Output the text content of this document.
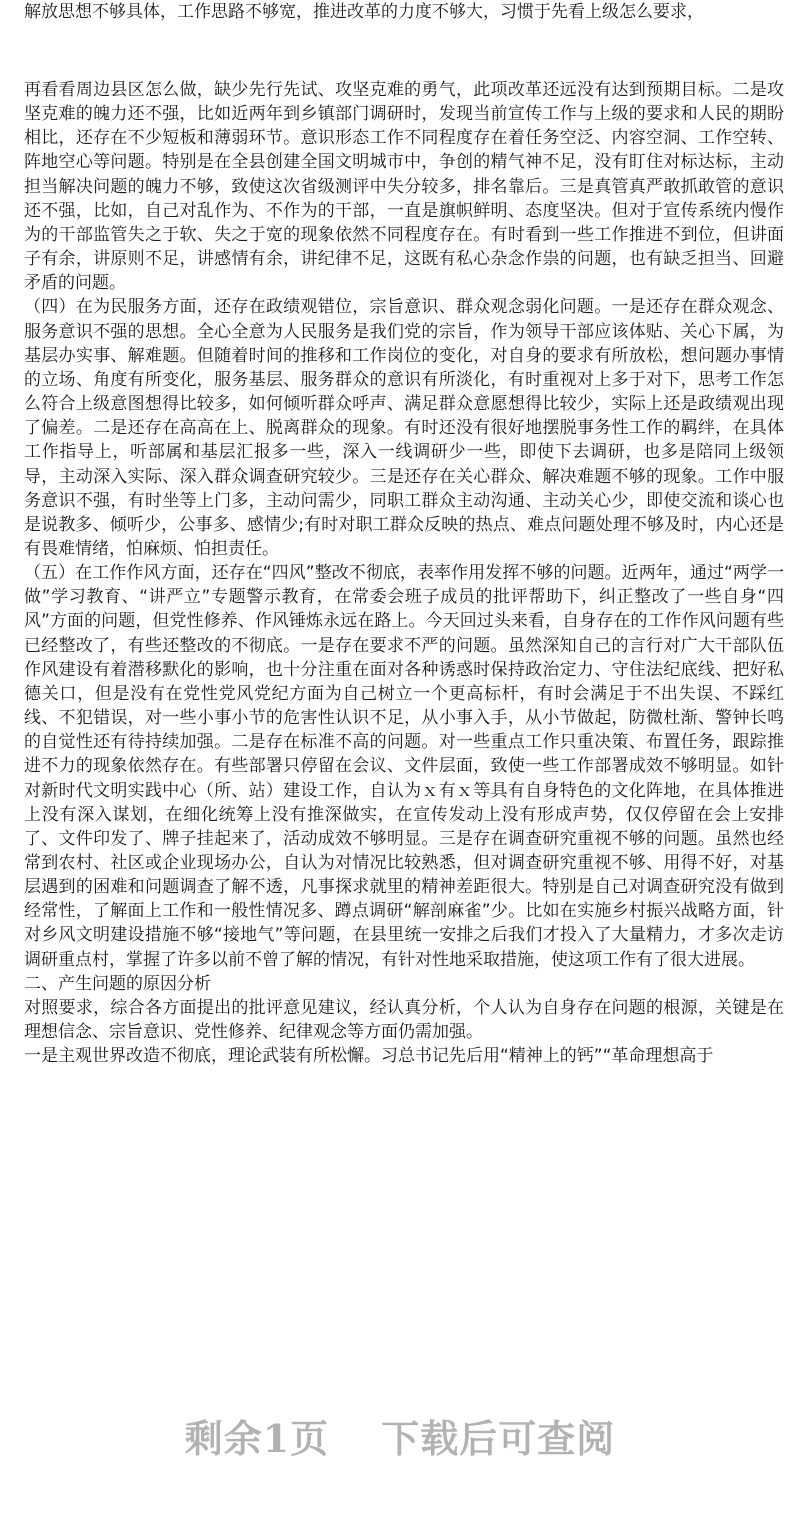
解放思想不够具体，工作思路不够宽，推进改革的力度不够大，习惯于先看上级怎么要求，

再看看周边县区怎么做，缺少先行先试、攻坚克难的勇气，此项改革还远没有达到预期目标。二是攻坚克难的魄力还不强，比如近两年到乡镇部门调研时，发现当前宣传工作与上级的要求和人民的期盼相比，还存在不少短板和薄弱环节。意识形态工作不同程度存在着任务空泛、内容空洞、工作空转、阵地空心等问题。特别是在全县创建全国文明城市中，争创的精气神不足，没有盯住对标达标，主动担当解决问题的魄力不够，致使这次省级测评中失分较多，排名靠后。三是真管真严敢抓敢管的意识还不强，比如，自己对乱作为、不作为的干部，一直是旗帜鲜明、态度坚决。但对于宣传系统内慢作为的干部监管失之于软、失之于宽的现象依然不同程度存在。有时看到一些工作推进不到位，但讲面子有余，讲原则不足，讲感情有余，讲纪律不足，这既有私心杂念作祟的问题，也有缺乏担当、回避矛盾的问题。

（四）在为民服务方面，还存在政绩观错位，宗旨意识、群众观念弱化问题。一是还存在群众观念、服务意识不强的思想。全心全意为人民服务是我们党的宗旨，作为领导干部应该体贴、关心下属，为基层办实事、解难题。但随着时间的推移和工作岗位的变化，对自身的要求有所放松，想问题办事情的立场、角度有所变化，服务基层、服务群众的意识有所淡化，有时重视对上多于对下，思考工作怎么符合上级意图想得比较多，如何倾听群众呼声、满足群众意愿想得比较少，实际上还是政绩观出现了偏差。二是还存在高高在上、脱离群众的现象。有时还没有很好地摆脱事务性工作的羁绊，在具体工作指导上，听部属和基层汇报多一些，深入一线调研少一些，即使下去调研，也多是陪同上级领导，主动深入实际、深入群众调查研究较少。三是还存在关心群众、解决难题不够的现象。工作中服务意识不强，有时坐等上门多，主动问需少，同职工群众主动沟通、主动关心少，即使交流和谈心也是说教多、倾听少，公事多、感情少;有时对职工群众反映的热点、难点问题处理不够及时，内心还是有畏难情绪，怕麻烦、怕担责任。

（五）在工作作风方面，还存在“四风”整改不彻底，表率作用发挥不够的问题。近两年，通过“两学一做”学习教育、“讲严立”专题警示教育，在常委会班子成员的批评帮助下，纠正整改了一些自身“四风”方面的问题，但党性修养、作风锤炼永远在路上。今天回过头来看，自身存在的工作作风问题有些已经整改了，有些还整改的不彻底。一是存在要求不严的问题。虽然深知自己的言行对广大干部队伍作风建设有着潜移默化的影响，也十分注重在面对各种诱惑时保持政治定力、守住法纪底线、把好私德关口，但是没有在党性党风党纪方面为自己树立一个更高标杆，有时会满足于不出失误、不踩红线、不犯错误，对一些小事小节的危害性认识不足，从小事入手，从小节做起，防微杜渐、警钟长鸣的自觉性还有待持续加强。二是存在标准不高的问题。对一些重点工作只重决策、布置任务，跟踪推进不力的现象依然存在。有些部署只停留在会议、文件层面，致使一些工作部署成效不够明显。如针对新时代文明实践中心（所、站）建设工作，自认为ｘ有ｘ等具有自身特色的文化阵地，在具体推进上没有深入谋划，在细化统筹上没有推深做实，在宣传发动上没有形成声势，仅仅停留在会上安排了、文件印发了、牌子挂起来了，活动成效不够明显。三是存在调查研究重视不够的问题。虽然也经常到农村、社区或企业现场办公，自认为对情况比较熟悉，但对调查研究重视不够、用得不好，对基层遇到的困难和问题调查了解不透，凡事探求就里的精神差距很大。特别是自己对调查研究没有做到经常性，了解面上工作和一般性情况多、蹲点调研“解剖麻雀”少。比如在实施乡村振兴战略方面，针对乡风文明建设措施不够“接地气”等问题，在县里统一安排之后我们才投入了大量精力，才多次走访调研重点村，掌握了许多以前不曾了解的情况，有针对性地采取措施，使这项工作有了很大进展。

二、产生问题的原因分析

对照要求，综合各方面提出的批评意见建议，经认真分析，个人认为自身存在问题的根源，关键是在理想信念、宗旨意识、党性修养、纪律观念等方面仍需加强。

一是主观世界改造不彻底，理论武装有所松懈。习总书记先后用“精神上的钙”“革命理想高于

剩余1页 下载后可查阅
